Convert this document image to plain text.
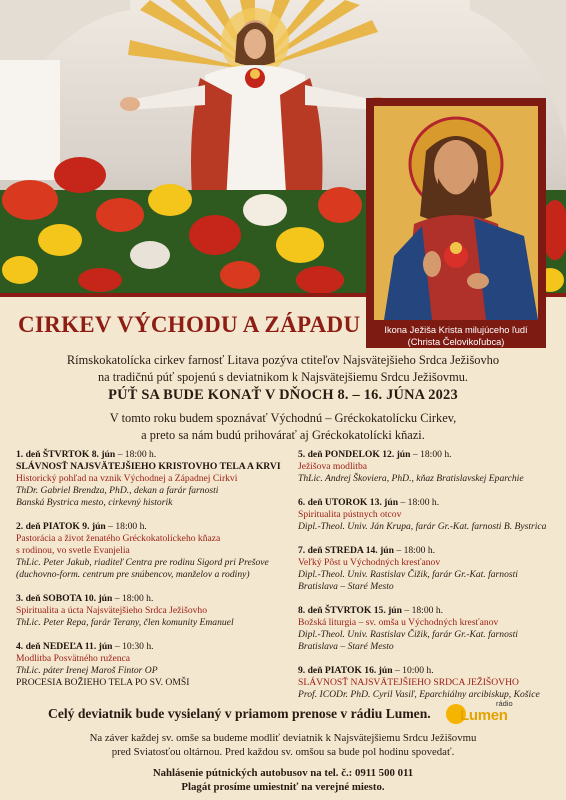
Ikona Ježiša Krista milujúceho ľudí
(Christa Čelovikoľubca)
CIRKEV VÝCHODU A ZÁPADU
Rímskokatolícka cirkev farnosť Litava pozýva ctiteľov Najsvätejšieho Srdca Ježišovho
na tradičnú púť spojenú s deviatnikom k Najsvätejšiemu Srdcu Ježišovmu.
PÚŤ SA BUDE KONAŤ V DŇOCH 8. – 16. JÚNA 2023
V tomto roku budem spoznávať Východnú – Gréckokatolícku Cirkev,
a preto sa nám budú prihovárať aj Gréckokatolícki kňazi.
1. deň ŠTVRTOK 8. jún – 18:00 h.
SLÁVNOSŤ NAJSVÄTEJŠIEHO KRISTOVHO TELA A KRVI
Historický pohľad na vznik Východnej a Západnej Cirkvi
ThDr. Gabriel Brendza, PhD., dekan a farár farnosti
Banská Bystrica mesto, cirkevný historik
2. deň PIATOK 9. jún – 18:00 h.
Pastorácia a život ženatého Gréckokatolíckeho kňaza
s rodinou, vo svetle Evanjelia
ThLic. Peter Jakub, riaditeľ Centra pre rodinu Sigord pri Prešove
(duchovno-form. centrum pre snúbencov, manželov a rodiny)
3. deň SOBOTA 10. jún – 18:00 h.
Spiritualita a úcta Najsvätejšieho Srdca Ježišovho
ThLic. Peter Repa, farár Terany, člen komunity Emanuel
4. deň NEDEĽA 11. jún – 10:30 h.
Modlitba Posvätného ruženca
ThLic. páter Irenej Maroš Fintor OP
PROCESIA BOŽIEHO TELA PO SV. OMŠI
5. deň PONDELOK 12. jún – 18:00 h.
Ježišova modlitba
ThLic. Andrej Škoviera, PhD., kňaz Bratislavskej Eparchie
6. deň UTOROK 13. jún – 18:00 h.
Spiritualita pústnych otcov
Dipl.-Theol. Univ. Ján Krupa, farár Gr.-Kat. farnosti B. Bystrica
7. deň STREDA 14. jún – 18:00 h.
Veľký Pôst u Východných kresťanov
Dipl.-Theol. Univ. Rastislav Čižik, farár Gr.-Kat. farnosti
Bratislava – Staré Mesto
8. deň ŠTVRTOK 15. jún – 18:00 h.
Božská liturgia – sv. omša u Východných kresťanov
Dipl.-Theol. Univ. Rastislav Čižik, farár Gr.-Kat. farnosti
Bratislava – Staré Mesto
9. deň PIATOK 16. jún – 10:00 h.
SLÁVNOSŤ NAJSVÄTEJŠIEHO SRDCA JEŽIŠOVHO
Prof. ICODr. PhD. Cyril Vasiľ, Eparchiálny arcibiskup, Košice
Celý deviatnik bude vysielaný v priamom prenose v rádiu Lumen. Lumen
rádio
Na záver každej sv. omše sa budeme modliť deviatnik k Najsvätejšiemu Srdcu Ježišovmu
pred Sviatosťou oltárnou. Pred každou sv. omšou sa bude pol hodinu spovedať.
Nahlásenie pútnických autobusov na tel. č.: 0911 500 011
Plagát prosíme umiestniť na verejné miesto.
